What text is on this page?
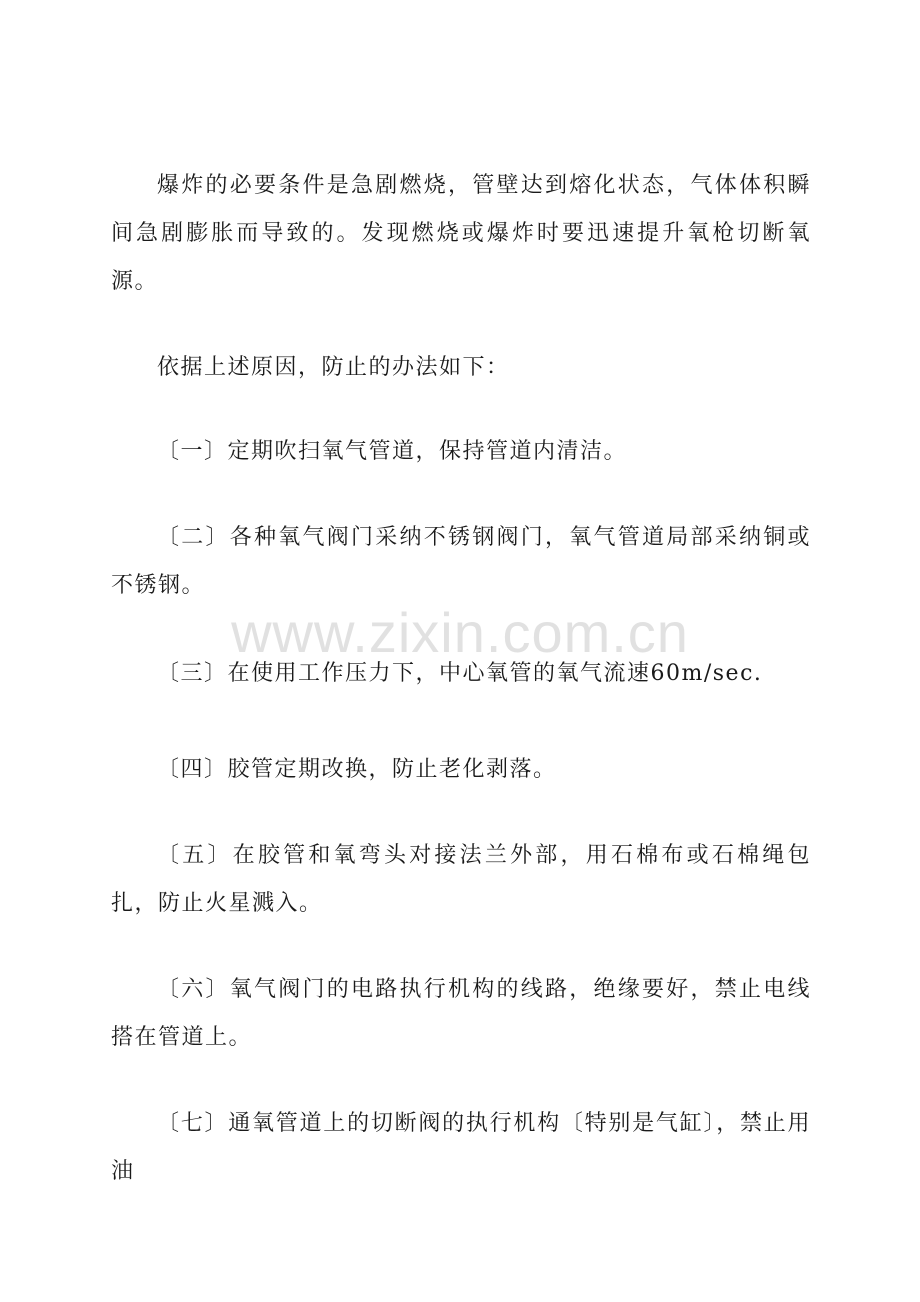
爆炸的必要条件是急剧燃烧，管壁达到熔化状态，气体体积瞬间急剧膨胀而导致的。发现燃烧或爆炸时要迅速提升氧枪切断氧源。

依据上述原因，防止的办法如下：

〔一〕定期吹扫氧气管道，保持管道内清洁。

〔二〕各种氧气阀门采纳不锈钢阀门，氧气管道局部采纳铜或不锈钢。

〔三〕在使用工作压力下，中心氧管的氧气流速60m/sec.

〔四〕胶管定期改换，防止老化剥落。

〔五〕在胶管和氧弯头对接法兰外部，用石棉布或石棉绳包扎，防止火星溅入。

〔六〕氧气阀门的电路执行机构的线路，绝缘要好，禁止电线搭在管道上。

〔七〕通氧管道上的切断阀的执行机构〔特别是气缸〕，禁止用油

www.zixin.com.cn
